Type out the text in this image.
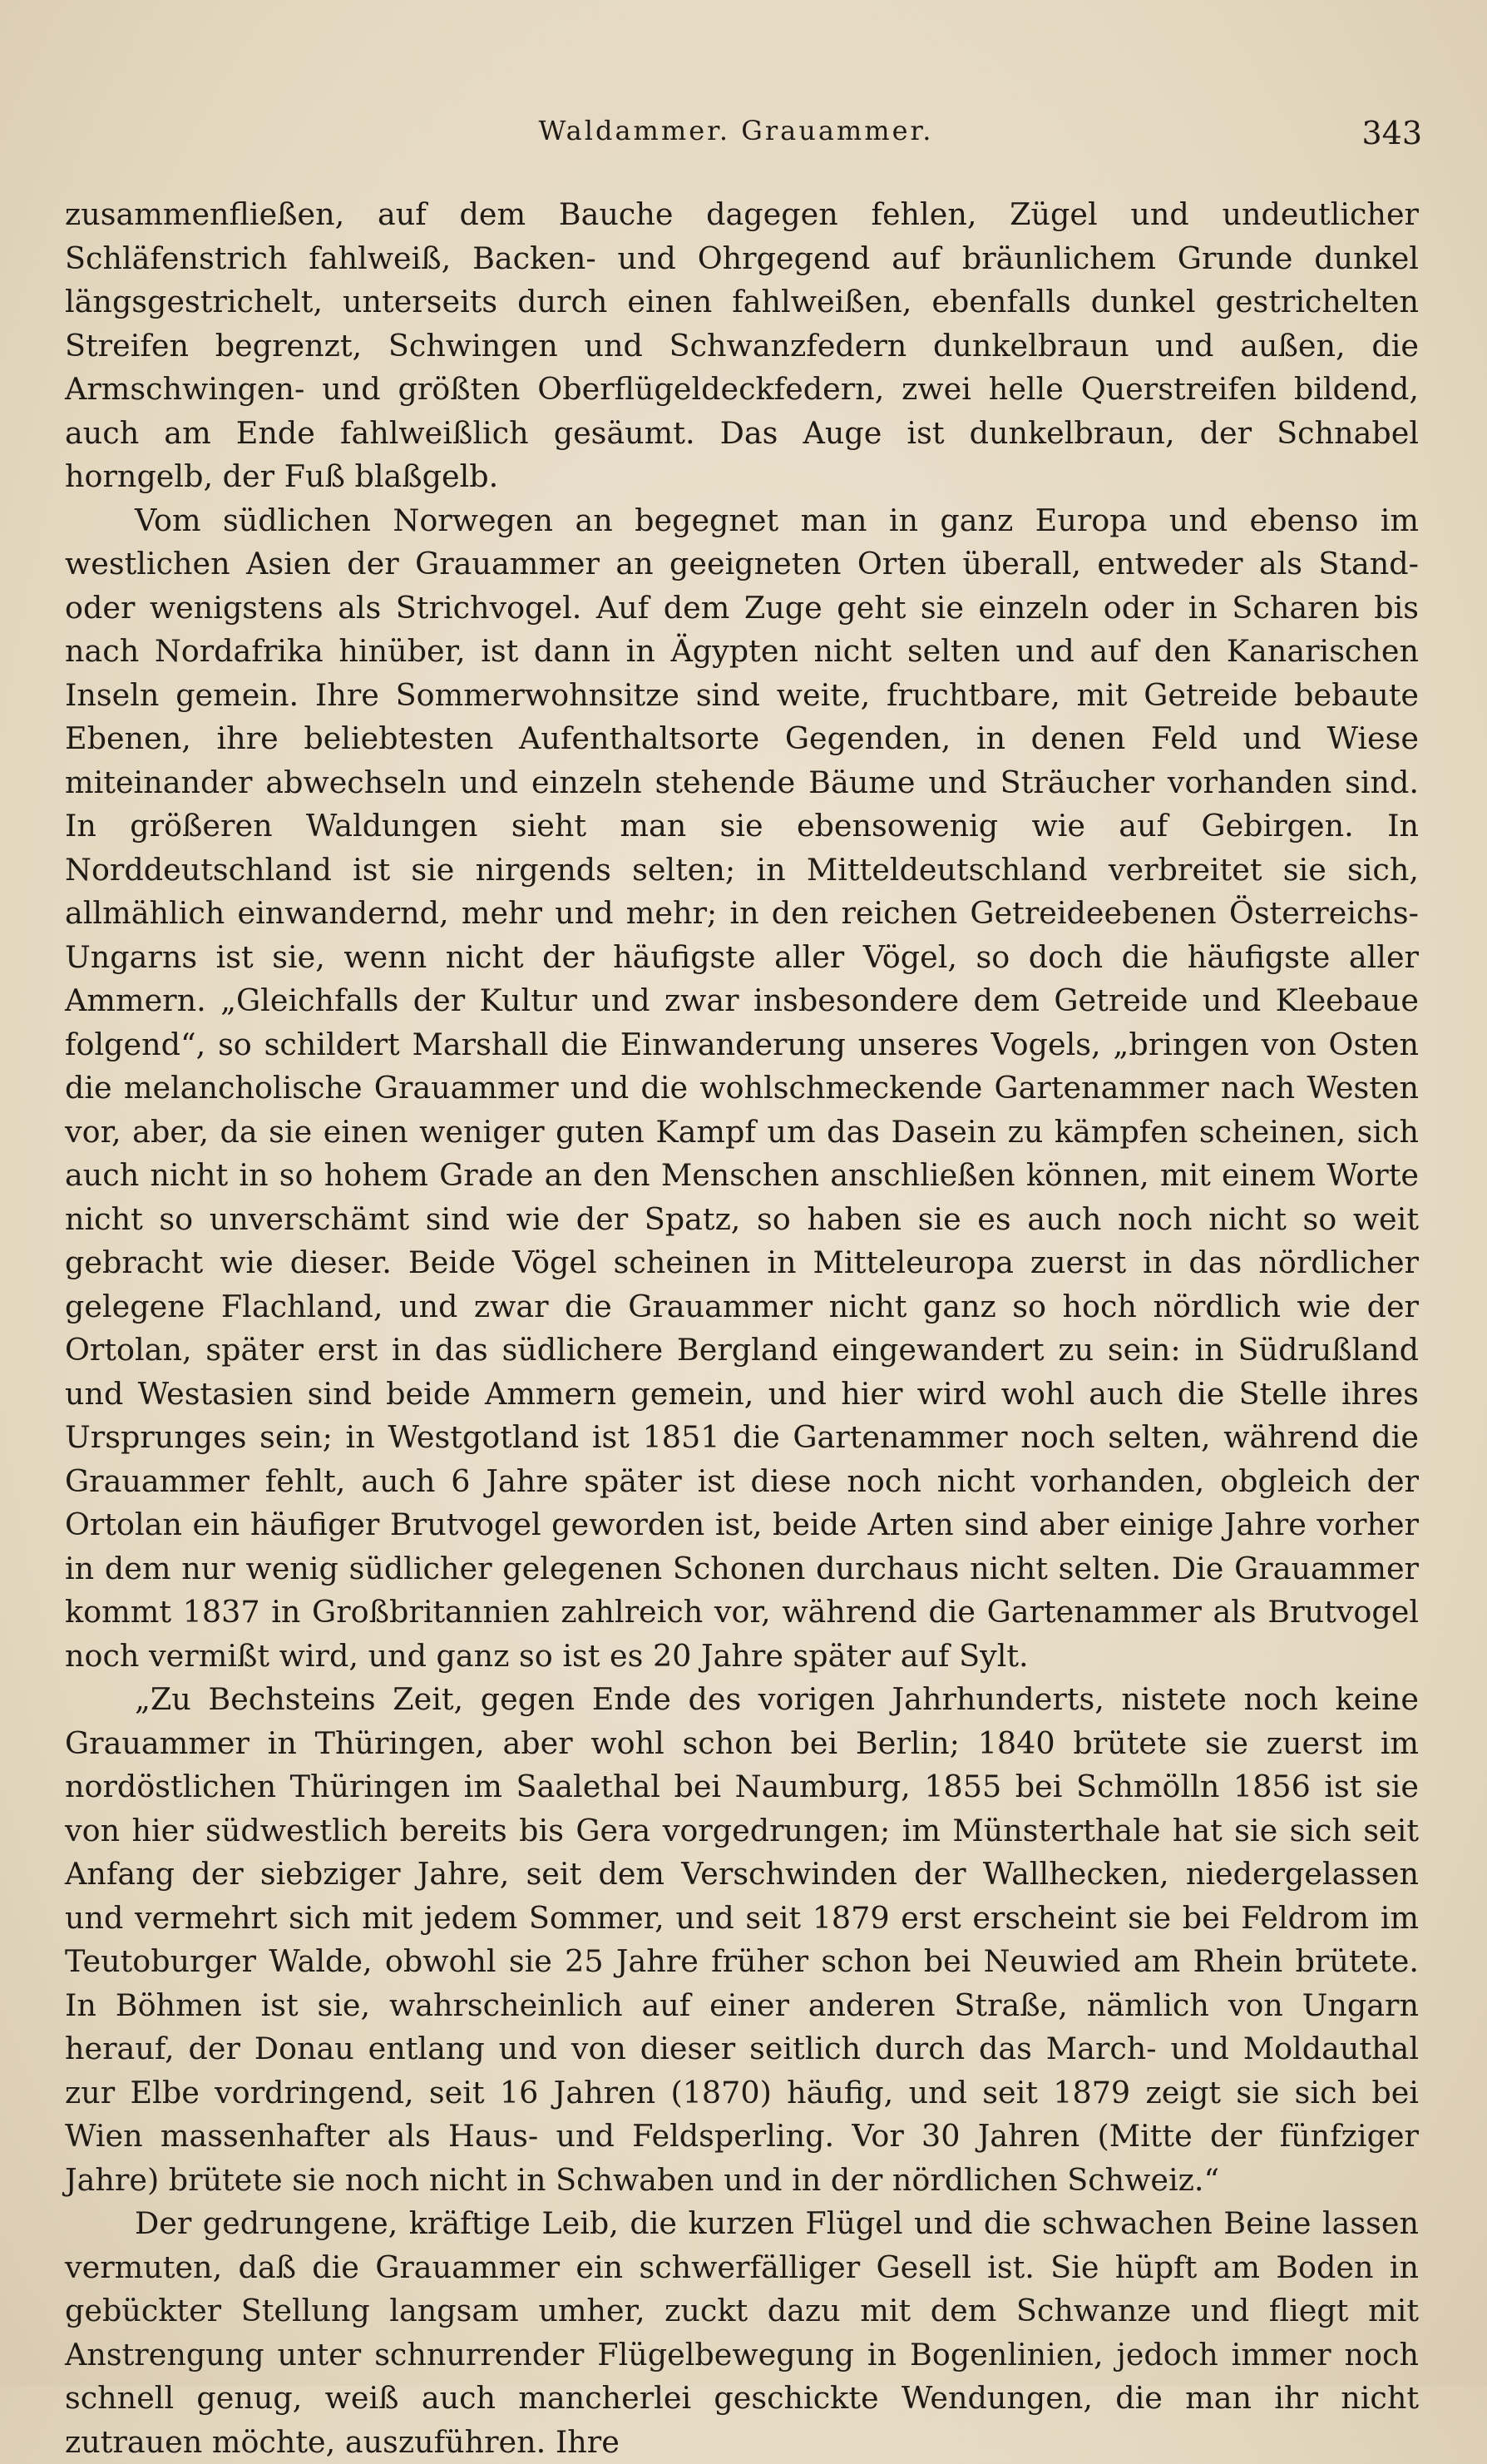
Waldammer. Grauammer.	343

zusammenfließen, auf dem Bauche dagegen fehlen, Zügel und undeutlicher Schläfenstrich fahlweiß, Backen- und Ohrgegend auf bräunlichem Grunde dunkel längsgestrichelt, unterseits durch einen fahlweißen, ebenfalls dunkel gestrichelten Streifen begrenzt, Schwingen und Schwanzfedern dunkelbraun und außen, die Armschwingen- und größten Oberflügeldeckfedern, zwei helle Querstreifen bildend, auch am Ende fahlweißlich gesäumt. Das Auge ist dunkelbraun, der Schnabel horngelb, der Fuß blaßgelb.

Vom südlichen Norwegen an begegnet man in ganz Europa und ebenso im westlichen Asien der Grauammer an geeigneten Orten überall, entweder als Stand- oder wenigstens als Strichvogel. Auf dem Zuge geht sie einzeln oder in Scharen bis nach Nordafrika hinüber, ist dann in Ägypten nicht selten und auf den Kanarischen Inseln gemein. Ihre Sommerwohnsitze sind weite, fruchtbare, mit Getreide bebaute Ebenen, ihre beliebtesten Aufenthaltsorte Gegenden, in denen Feld und Wiese miteinander abwechseln und einzeln stehende Bäume und Sträucher vorhanden sind. In größeren Waldungen sieht man sie ebensowenig wie auf Gebirgen. In Norddeutschland ist sie nirgends selten; in Mitteldeutschland verbreitet sie sich, allmählich einwandernd, mehr und mehr; in den reichen Getreideebenen Österreichs-Ungarns ist sie, wenn nicht der häufigste aller Vögel, so doch die häufigste aller Ammern. „Gleichfalls der Kultur und zwar insbesondere dem Getreide und Kleebaue folgend“, so schildert Marshall die Einwanderung unseres Vogels, „bringen von Osten die melancholische Grauammer und die wohlschmeckende Gartenammer nach Westen vor, aber, da sie einen weniger guten Kampf um das Dasein zu kämpfen scheinen, sich auch nicht in so hohem Grade an den Menschen anschließen können, mit einem Worte nicht so unverschämt sind wie der Spatz, so haben sie es auch noch nicht so weit gebracht wie dieser. Beide Vögel scheinen in Mitteleuropa zuerst in das nördlicher gelegene Flachland, und zwar die Grauammer nicht ganz so hoch nördlich wie der Ortolan, später erst in das südlichere Bergland eingewandert zu sein: in Südrußland und Westasien sind beide Ammern gemein, und hier wird wohl auch die Stelle ihres Ursprunges sein; in Westgotland ist 1851 die Gartenammer noch selten, während die Grauammer fehlt, auch 6 Jahre später ist diese noch nicht vorhanden, obgleich der Ortolan ein häufiger Brutvogel geworden ist, beide Arten sind aber einige Jahre vorher in dem nur wenig südlicher gelegenen Schonen durchaus nicht selten. Die Grauammer kommt 1837 in Großbritannien zahlreich vor, während die Gartenammer als Brutvogel noch vermißt wird, und ganz so ist es 20 Jahre später auf Sylt.

„Zu Bechsteins Zeit, gegen Ende des vorigen Jahrhunderts, nistete noch keine Grauammer in Thüringen, aber wohl schon bei Berlin; 1840 brütete sie zuerst im nordöstlichen Thüringen im Saalethal bei Naumburg, 1855 bei Schmölln 1856 ist sie von hier südwestlich bereits bis Gera vorgedrungen; im Münsterthale hat sie sich seit Anfang der siebziger Jahre, seit dem Verschwinden der Wallhecken, niedergelassen und vermehrt sich mit jedem Sommer, und seit 1879 erst erscheint sie bei Feldrom im Teutoburger Walde, obwohl sie 25 Jahre früher schon bei Neuwied am Rhein brütete. In Böhmen ist sie, wahrscheinlich auf einer anderen Straße, nämlich von Ungarn herauf, der Donau entlang und von dieser seitlich durch das March- und Moldauthal zur Elbe vordringend, seit 16 Jahren (1870) häufig, und seit 1879 zeigt sie sich bei Wien massenhafter als Haus- und Feldsperling. Vor 30 Jahren (Mitte der fünfziger Jahre) brütete sie noch nicht in Schwaben und in der nördlichen Schweiz.“

Der gedrungene, kräftige Leib, die kurzen Flügel und die schwachen Beine lassen vermuten, daß die Grauammer ein schwerfälliger Gesell ist. Sie hüpft am Boden in gebückter Stellung langsam umher, zuckt dazu mit dem Schwanze und fliegt mit Anstrengung unter schnurrender Flügelbewegung in Bogenlinien, jedoch immer noch schnell genug, weiß auch mancherlei geschickte Wendungen, die man ihr nicht zutrauen möchte, auszuführen. Ihre
